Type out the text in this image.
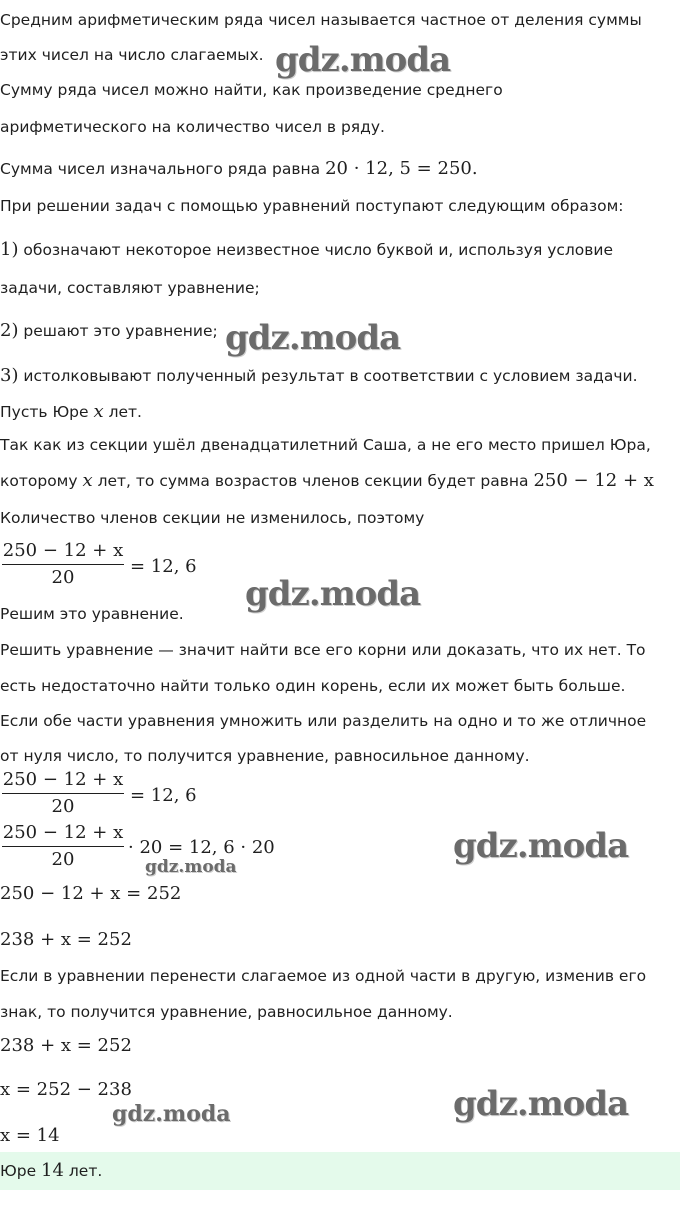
Средним арифметическим ряда чисел называется частное от деления суммы
этих чисел на число слагаемых.
Сумму ряда чисел можно найти, как произведение среднего
арифметического на количество чисел в ряду.
Сумма чисел изначального ряда равна 20 · 12, 5 = 250.
При решении задач с помощью уравнений поступают следующим образом:
1) обозначают некоторое неизвестное число буквой и, используя условие
задачи, составляют уравнение;
2) решают это уравнение;
3) истолковывают полученный результат в соответствии с условием задачи.
Пусть Юре x лет.
Так как из секции ушёл двенадцатилетний Саша, а не его место пришел Юра,
которому x лет, то сумма возрастов членов секции будет равна 250 − 12 + x
Количество членов секции не изменилось, поэтому
250 − 12 + x
20
= 12, 6
Решим это уравнение.
Решить уравнение — значит найти все его корни или доказать, что их нет. То
есть недостаточно найти только один корень, если их может быть больше.
Если обе части уравнения умножить или разделить на одно и то же отличное
от нуля число, то получится уравнение, равносильное данному.
250 − 12 + x
20
= 12, 6
250 − 12 + x
20
· 20 = 12, 6 · 20
250 − 12 + x = 252
238 + x = 252
Если в уравнении перенести слагаемое из одной части в другую, изменив его
знак, то получится уравнение, равносильное данному.
238 + x = 252
x = 252 − 238
x = 14
Юре 14 лет.
gdz.moda
gdz.moda
gdz.moda
gdz.moda
gdz.moda
gdz.moda
gdz.moda
